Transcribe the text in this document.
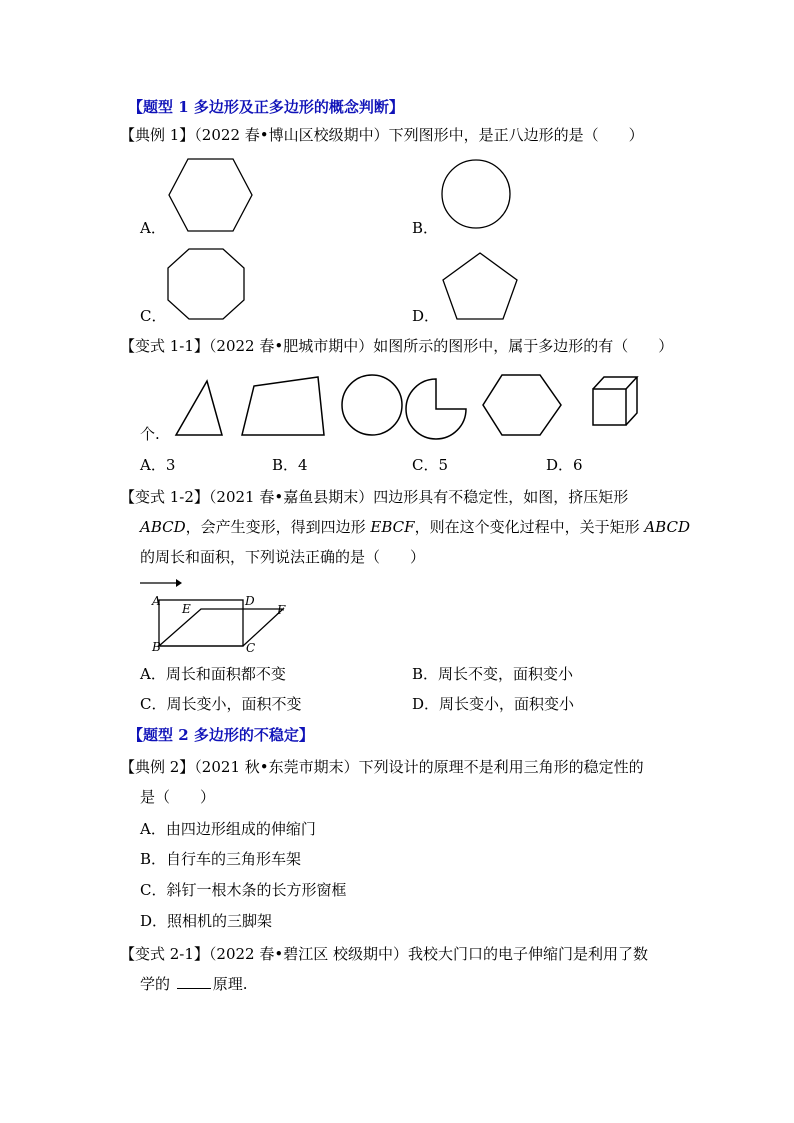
【题型 1 多边形及正多边形的概念判断】
【典例 1】（2022 春•博山区校级期中）下列图形中，是正八边形的是（　　）
A．	B．
C．	D．
【变式 1-1】（2022 春•肥城市期中）如图所示的图形中，属于多边形的有（　　）
个.
A．3	B．4	C．5	D．6
【变式 1-2】（2021 春•嘉鱼县期末）四边形具有不稳定性，如图，挤压矩形
ABCD，会产生变形，得到四边形 EBCF，则在这个变化过程中，关于矩形 ABCD
的周长和面积，下列说法正确的是（　　）
A
E
D
F
B	C
A．周长和面积都不变	B．周长不变，面积变小
C．周长变小，面积不变	D．周长变小，面积变小
【题型 2 多边形的不稳定】
【典例 2】（2021 秋•东莞市期末）下列设计的原理不是利用三角形的稳定性的
是（　　）
A．由四边形组成的伸缩门
B．自行车的三角形车架
C．斜钉一根木条的长方形窗框
D．照相机的三脚架
【变式 2-1】（2022 春•碧江区 校级期中）我校大门口的电子伸缩门是利用了数
学的	原理.
